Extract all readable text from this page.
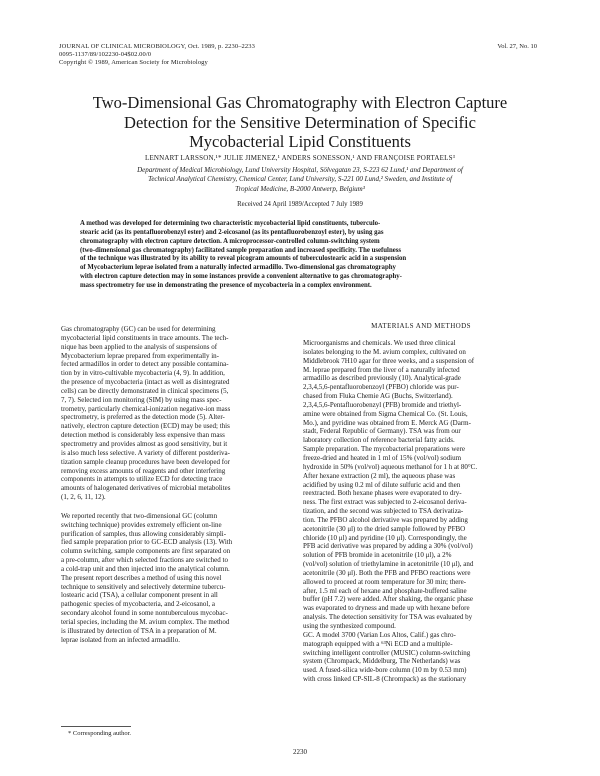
JOURNAL OF CLINICAL MICROBIOLOGY, Oct. 1989, p. 2230–2233
0095-1137/89/102230-04$02.00/0
Copyright © 1989, American Society for Microbiology
Vol. 27, No. 10
Two-Dimensional Gas Chromatography with Electron Capture
Detection for the Sensitive Determination of Specific
Mycobacterial Lipid Constituents
LENNART LARSSON,¹* JULIE JIMENEZ,¹ ANDERS SONESSON,¹ AND FRANÇOISE PORTAELS³
Department of Medical Microbiology, Lund University Hospital, Sölvegatan 23, S-223 62 Lund,¹ and Department of
Technical Analytical Chemistry, Chemical Center, Lund University, S-221 00 Lund,² Sweden, and Institute of
Tropical Medicine, B-2000 Antwerp, Belgium³
Received 24 April 1989/Accepted 7 July 1989
A method was developed for determining two characteristic mycobacterial lipid constituents, tuberculo-
stearic acid (as its pentafluorobenzyl ester) and 2-eicosanol (as its pentafluorobenzoyl ester), by using gas
chromatography with electron capture detection. A microprocessor-controlled column-switching system
(two-dimensional gas chromatography) facilitated sample preparation and increased specificity. The usefulness
of the technique was illustrated by its ability to reveal picogram amounts of tuberculostearic acid in a suspension
of Mycobacterium leprae isolated from a naturally infected armadillo. Two-dimensional gas chromatography
with electron capture detection may in some instances provide a convenient alternative to gas chromatography-
mass spectrometry for use in demonstrating the presence of mycobacteria in a complex environment.

Gas chromatography (GC) can be used for determining
mycobacterial lipid constituents in trace amounts. The tech-
nique has been applied to the analysis of suspensions of
Mycobacterium leprae prepared from experimentally in-
fected armadillos in order to detect any possible contamina-
tion by in vitro-cultivable mycobacteria (4, 9). In addition,
the presence of mycobacteria (intact as well as disintegrated
cells) can be directly demonstrated in clinical specimens (5,
7, 7). Selected ion monitoring (SIM) by using mass spec-
trometry, particularly chemical-ionization negative-ion mass
spectrometry, is preferred as the detection mode (5). Alter-
natively, electron capture detection (ECD) may be used; this
detection method is considerably less expensive than mass
spectrometry and provides almost as good sensitivity, but it
is also much less selective. A variety of different postderiva-
tization sample cleanup procedures have been developed for
removing excess amounts of reagents and other interfering
components in attempts to utilize ECD for detecting trace
amounts of halogenated derivatives of microbial metabolites
(1, 2, 6, 11, 12).

We reported recently that two-dimensional GC (column
switching technique) provides extremely efficient on-line
purification of samples, thus allowing considerably simpli-
fied sample preparation prior to GC-ECD analysis (13). With
column switching, sample components are first separated on
a pre-column, after which selected fractions are switched to
a cold-trap unit and then injected into the analytical column.
The present report describes a method of using this novel
technique to sensitively and selectively determine tubercu-
lostearic acid (TSA), a cellular component present in all
pathogenic species of mycobacteria, and 2-eicosanol, a
secondary alcohol found in some nontuberculous mycobac-
terial species, including the M. avium complex. The method
is illustrated by detection of TSA in a preparation of M.
leprae isolated from an infected armadillo.

MATERIALS AND METHODS
Microorganisms and chemicals. We used three clinical
isolates belonging to the M. avium complex, cultivated on
Middlebrook 7H10 agar for three weeks, and a suspension of
M. leprae prepared from the liver of a naturally infected
armadillo as described previously (10). Analytical-grade
2,3,4,5,6-pentafluorobenzoyl (PFBO) chloride was pur-
chased from Fluka Chemie AG (Buchs, Switzerland).
2,3,4,5,6-Pentafluorobenzyl (PFB) bromide and triethyl-
amine were obtained from Sigma Chemical Co. (St. Louis,
Mo.), and pyridine was obtained from E. Merck AG (Darm-
stadt, Federal Republic of Germany). TSA was from our
laboratory collection of reference bacterial fatty acids.
Sample preparation. The mycobacterial preparations were
freeze-dried and heated in 1 ml of 15% (vol/vol) sodium
hydroxide in 50% (vol/vol) aqueous methanol for 1 h at 80°C.
After hexane extraction (2 ml), the aqueous phase was
acidified by using 0.2 ml of dilute sulfuric acid and then
reextracted. Both hexane phases were evaporated to dry-
ness. The first extract was subjected to 2-eicosanol deriva-
tization, and the second was subjected to TSA derivatiza-
tion. The PFBO alcohol derivative was prepared by adding
acetonitrile (30 μl) to the dried sample followed by PFBO
chloride (10 μl) and pyridine (10 μl). Correspondingly, the
PFB acid derivative was prepared by adding a 30% (vol/vol)
solution of PFB bromide in acetonitrile (10 μl), a 2%
(vol/vol) solution of triethylamine in acetonitrile (10 μl), and
acetonitrile (30 μl). Both the PFB and PFBO reactions were
allowed to proceed at room temperature for 30 min; there-
after, 1.5 ml each of hexane and phosphate-buffered saline
buffer (pH 7.2) were added. After shaking, the organic phase
was evaporated to dryness and made up with hexane before
analysis. The detection sensitivity for TSA was evaluated by
using the synthesized compound.
GC. A model 3700 (Varian Los Altos, Calif.) gas chro-
matograph equipped with a ⁶³Ni ECD and a multiple-
switching intelligent controller (MUSIC) column-switching
system (Chrompack, Middelburg, The Netherlands) was
used. A fused-silica wide-bore column (10 m by 0.53 mm)
with cross linked CP-SIL-8 (Chrompack) as the stationary
* Corresponding author.
2230
